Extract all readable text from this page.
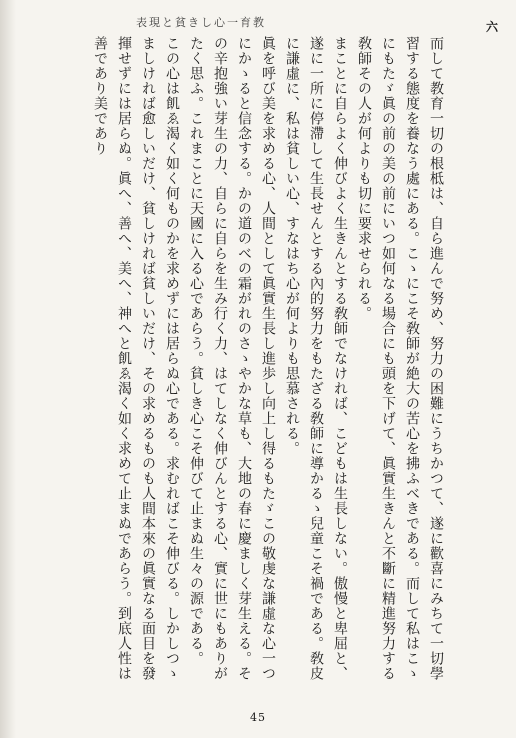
教育一心しき貧と現表	六

而して教育一切の根柢は、自ら進んで努め、努力の困難にうちかつて、遂に歡喜にみちて一切學習する態度を養なう處にある。こゝにこそ敎師が絶大の苦心を拂ふべきである。而して私はこゝにもたゞ眞の前の美の前にいつ如何なる場合にも頭を下げて、眞實生きんと不斷に精進努力する敎師その人が何よりも切に要求せられる。

まことに自らよく伸びよく生きんとする敎師でなければ、こどもは生長しない。傲慢と卑屈と、遂に一所に停滯して生長せんとする內的努力をもたざる敎師に導かるゝ兒童こそ禍である。敎皮に謙虛に、私は貧しい心、すなはち心が何よりも思慕される。

眞を呼び美を求める心、人間として眞實生長し進歩し向上し得るもたゞこの敬虔な謙虛な心一つにかゝると信念する。かの道のべの霜がれのさゝやかな草も、大地の春に慶ましく芽生える。その辛抱強い芽生の力、自らに自らを生み行く力、はてしなく伸びんとする心、實に世にもありがたく思ふ。これまことに天國に入る心であらう。貧しき心こそ伸びて止まぬ生々の源である。

この心は飢ゑ渴く如く何ものかを求めずには居らぬ心である。求むればこそ伸びる。しかしつゝましければ愈しいだけ、貧しければ貧しいだけ、その求めるものも人間本來の眞實なる面目を發揮せずには居らぬ。眞へ、善へ、美へ、神へと飢ゑ渴く如く求めて止まぬであらう。到底人性は善であり美であり

45
